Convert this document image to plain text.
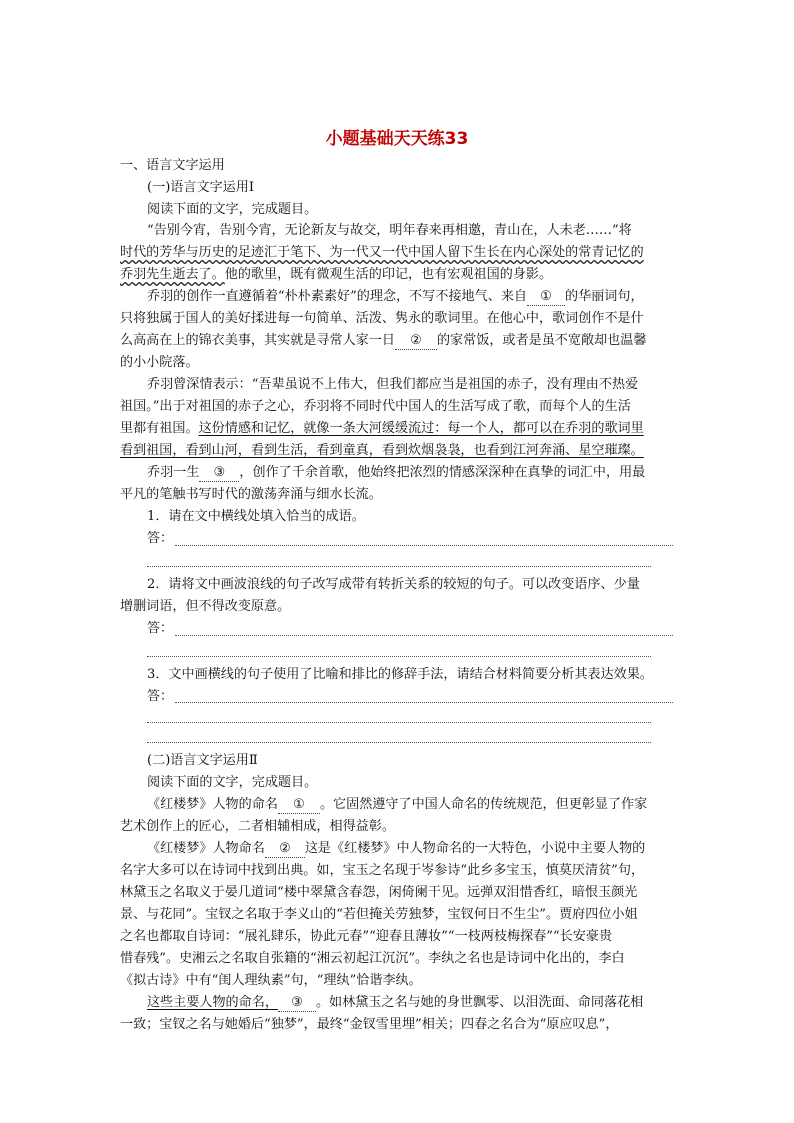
小题基础天天练33
一、语言文字运用
(一)语言文字运用Ⅰ
阅读下面的文字，完成题目。
“告别今宵，告别今宵，无论新友与故交，明年春来再相邀，青山在，人未老……”将
时代的芳华与历史的足迹汇于笔下、为一代又一代中国人留下生长在内心深处的常青记忆的
乔羽先生逝去了。他的歌里，既有微观生活的印记，也有宏观祖国的身影。
乔羽的创作一直遵循着“朴朴素素好”的理念，不写不接地气、来自 ① 的华丽词句，
只将独属于国人的美好揉进每一句简单、活泼、隽永的歌词里。在他心中，歌词创作不是什
么高高在上的锦衣美事，其实就是寻常人家一日 ② 的家常饭，或者是虽不宽敞却也温馨
的小小院落。
乔羽曾深情表示：“吾辈虽说不上伟大，但我们都应当是祖国的赤子，没有理由不热爱
祖国。”出于对祖国的赤子之心，乔羽将不同时代中国人的生活写成了歌，而每个人的生活
里都有祖国。这份情感和记忆，就像一条大河缓缓流过：每一个人，都可以在乔羽的歌词里
看到祖国，看到山河，看到生活，看到童真，看到炊烟袅袅，也看到江河奔涌、星空璀璨。
乔羽一生 ③ ，创作了千余首歌，他始终把浓烈的情感深深种在真挚的词汇中，用最
平凡的笔触书写时代的激荡奔涌与细水长流。
1．请在文中横线处填入恰当的成语。
答：
2．请将文中画波浪线的句子改写成带有转折关系的较短的句子。可以改变语序、少量
增删词语，但不得改变原意。
答：
3．文中画横线的句子使用了比喻和排比的修辞手法，请结合材料简要分析其表达效果。
答：
(二)语言文字运用Ⅱ
阅读下面的文字，完成题目。
《红楼梦》人物的命名 ① 。它固然遵守了中国人命名的传统规范，但更彰显了作家
艺术创作上的匠心，二者相辅相成，相得益彰。
《红楼梦》人物命名 ② 这是《红楼梦》中人物命名的一大特色，小说中主要人物的
名字大多可以在诗词中找到出典。如，宝玉之名现于岑参诗“此乡多宝玉，慎莫厌清贫”句，
林黛玉之名取义于晏几道词“楼中翠黛含春怨，闲倚阑干见。远弹双泪惜香红，暗恨玉颜光
景、与花同”。宝钗之名取于李义山的“若但掩关劳独梦，宝钗何日不生尘”。贾府四位小姐
之名也都取自诗词：“展礼肆乐，协此元春”“迎春且薄妆”“一枝两枝梅探春”“长安豪贵
惜春残”。史湘云之名取自张籍的“湘云初起江沉沉”。李纨之名也是诗词中化出的，李白
《拟古诗》中有“闺人理纨素”句，“理纨”恰谐李纨。
这些主要人物的命名， ③ 。如林黛玉之名与她的身世飘零、以泪洗面、命同落花相
一致；宝钗之名与她婚后“独梦”，最终“金钗雪里埋”相关；四春之名合为“原应叹息”，
